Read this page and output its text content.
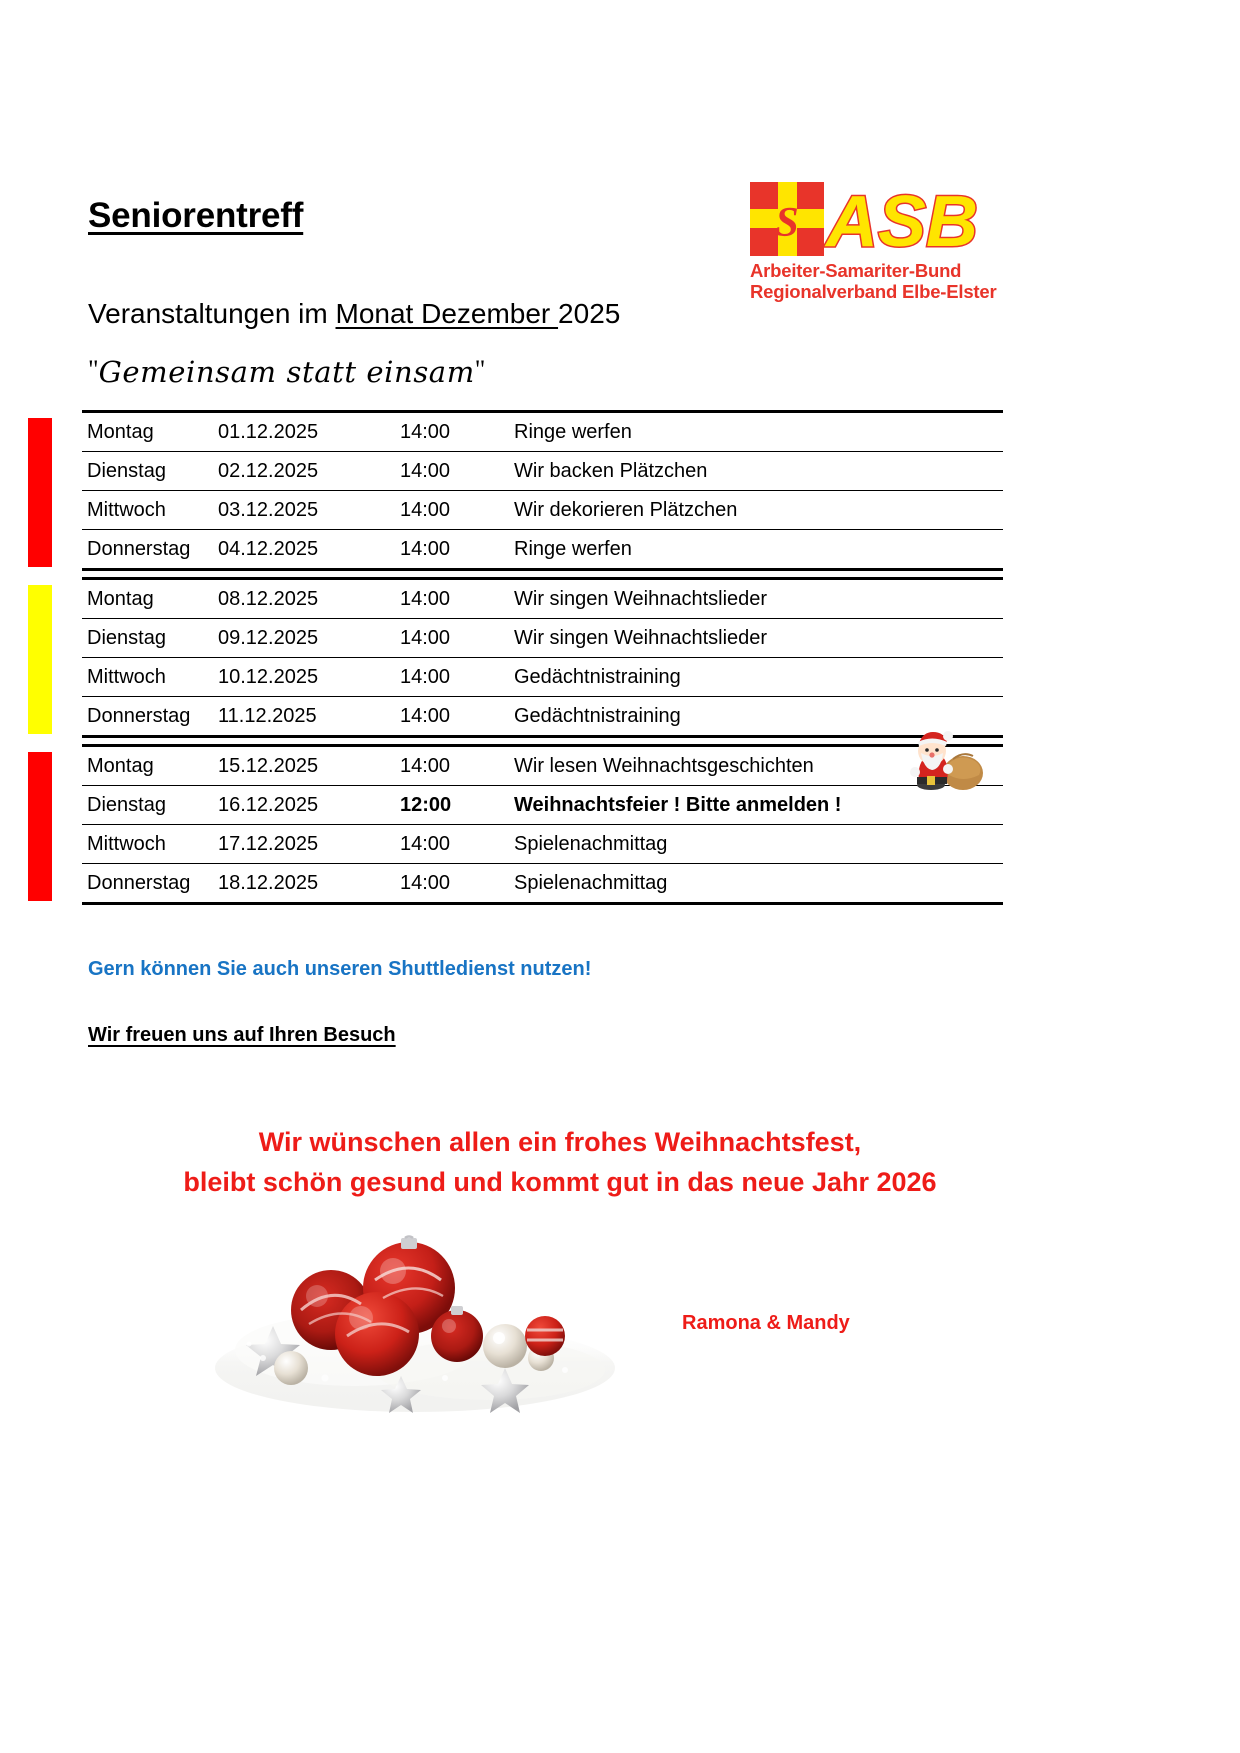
Seniorentreff
Veranstaltungen im Monat Dezember 2025
"Gemeinsam statt einsam"
S ASB
Arbeiter-Samariter-Bund
Regionalverband Elbe-Elster
Montag	01.12.2025	14:00	Ringe werfen
Dienstag	02.12.2025	14:00	Wir backen Plätzchen
Mittwoch	03.12.2025	14:00	Wir dekorieren Plätzchen
Donnerstag	04.12.2025	14:00	Ringe werfen
Montag	08.12.2025	14:00	Wir singen Weihnachtslieder
Dienstag	09.12.2025	14:00	Wir singen Weihnachtslieder
Mittwoch	10.12.2025	14:00	Gedächtnistraining
Donnerstag	11.12.2025	14:00	Gedächtnistraining
Montag	15.12.2025	14:00	Wir lesen Weihnachtsgeschichten
Dienstag	16.12.2025	12:00	Weihnachtsfeier ! Bitte anmelden !
Mittwoch	17.12.2025	14:00	Spielenachmittag
Donnerstag	18.12.2025	14:00	Spielenachmittag
Gern können Sie auch unseren Shuttledienst nutzen!
Wir freuen uns auf Ihren Besuch
Wir wünschen allen ein frohes Weihnachtsfest,
bleibt schön gesund und kommt gut in das neue Jahr 2026
Ramona & Mandy
